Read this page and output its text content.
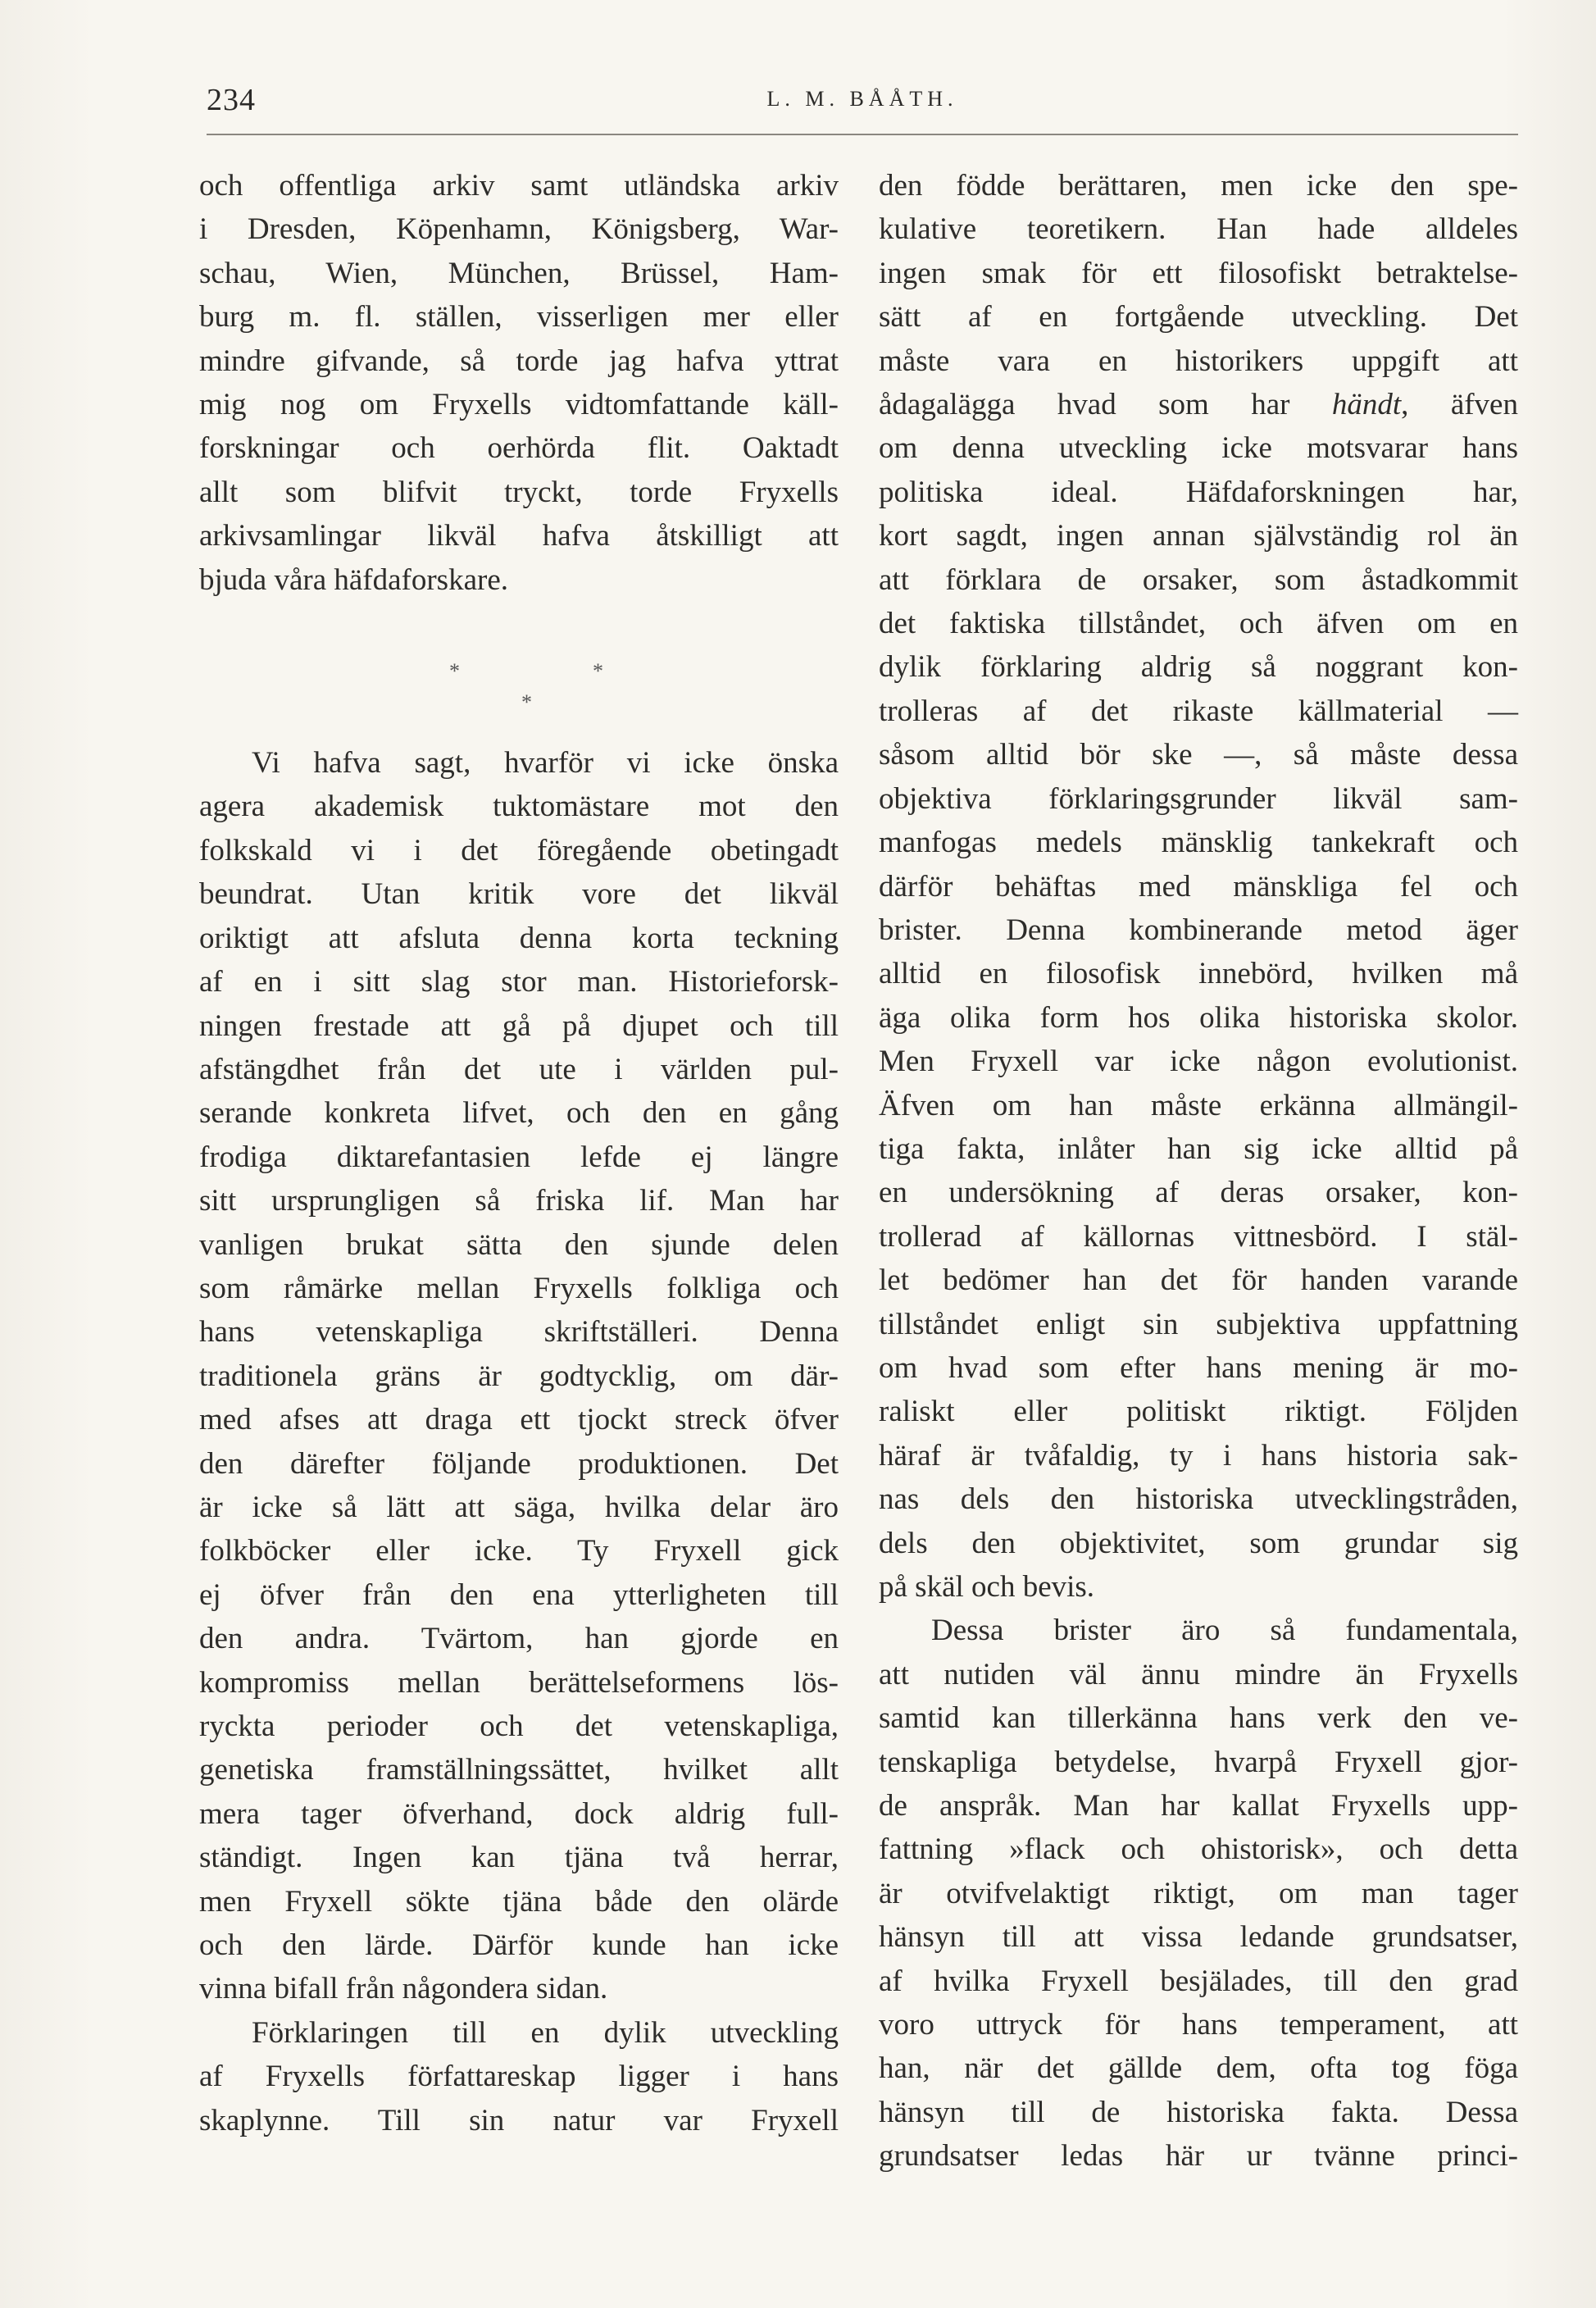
234	L. M. BÅÅTH.
och offentliga arkiv samt utländska arkiv
i Dresden, Köpenhamn, Königsberg, War-
schau, Wien, München, Brüssel, Ham-
burg m. fl. ställen, visserligen mer eller
mindre gifvande, så torde jag hafva yttrat
mig nog om Fryxells vidtomfattande käll-
forskningar och oerhörda flit. Oaktadt
allt som blifvit tryckt, torde Fryxells
arkivsamlingar likväl hafva åtskilligt att
bjuda våra häfdaforskare.
*	*
*
Vi hafva sagt, hvarför vi icke önska
agera akademisk tuktomästare mot den
folkskald vi i det föregående obetingadt
beundrat. Utan kritik vore det likväl
oriktigt att afsluta denna korta teckning
af en i sitt slag stor man. Historieforsk-
ningen frestade att gå på djupet och till
afstängdhet från det ute i världen pul-
serande konkreta lifvet, och den en gång
frodiga diktarefantasien lefde ej längre
sitt ursprungligen så friska lif. Man har
vanligen brukat sätta den sjunde delen
som råmärke mellan Fryxells folkliga och
hans vetenskapliga skriftställeri. Denna
traditionela gräns är godtycklig, om där-
med afses att draga ett tjockt streck öfver
den därefter följande produktionen. Det
är icke så lätt att säga, hvilka delar äro
folkböcker eller icke. Ty Fryxell gick
ej öfver från den ena ytterligheten till
den andra. Tvärtom, han gjorde en
kompromiss mellan berättelseformens lös-
ryckta perioder och det vetenskapliga,
genetiska framställningssättet, hvilket allt
mera tager öfverhand, dock aldrig full-
ständigt. Ingen kan tjäna två herrar,
men Fryxell sökte tjäna både den olärde
och den lärde. Därför kunde han icke
vinna bifall från någondera sidan.
Förklaringen till en dylik utveckling
af Fryxells författareskap ligger i hans
skaplynne. Till sin natur var Fryxell
den födde berättaren, men icke den spe-
kulative teoretikern. Han hade alldeles
ingen smak för ett filosofiskt betraktelse-
sätt af en fortgående utveckling. Det
måste vara en historikers uppgift att
ådagalägga hvad som har händt, äfven
om denna utveckling icke motsvarar hans
politiska ideal. Häfdaforskningen har,
kort sagdt, ingen annan självständig rol än
att förklara de orsaker, som åstadkommit
det faktiska tillståndet, och äfven om en
dylik förklaring aldrig så noggrant kon-
trolleras af det rikaste källmaterial —
såsom alltid bör ske —, så måste dessa
objektiva förklaringsgrunder likväl sam-
manfogas medels mänsklig tankekraft och
därför behäftas med mänskliga fel och
brister. Denna kombinerande metod äger
alltid en filosofisk innebörd, hvilken må
äga olika form hos olika historiska skolor.
Men Fryxell var icke någon evolutionist.
Äfven om han måste erkänna allmängil-
tiga fakta, inlåter han sig icke alltid på
en undersökning af deras orsaker, kon-
trollerad af källornas vittnesbörd. I stäl-
let bedömer han det för handen varande
tillståndet enligt sin subjektiva uppfattning
om hvad som efter hans mening är mo-
raliskt eller politiskt riktigt. Följden
häraf är tvåfaldig, ty i hans historia sak-
nas dels den historiska utvecklingstråden,
dels den objektivitet, som grundar sig
på skäl och bevis.
Dessa brister äro så fundamentala,
att nutiden väl ännu mindre än Fryxells
samtid kan tillerkänna hans verk den ve-
tenskapliga betydelse, hvarpå Fryxell gjor-
de anspråk. Man har kallat Fryxells upp-
fattning »flack och ohistorisk», och detta
är otvifvelaktigt riktigt, om man tager
hänsyn till att vissa ledande grundsatser,
af hvilka Fryxell besjälades, till den grad
voro uttryck för hans temperament, att
han, när det gällde dem, ofta tog föga
hänsyn till de historiska fakta. Dessa
grundsatser ledas här ur tvänne princi-
